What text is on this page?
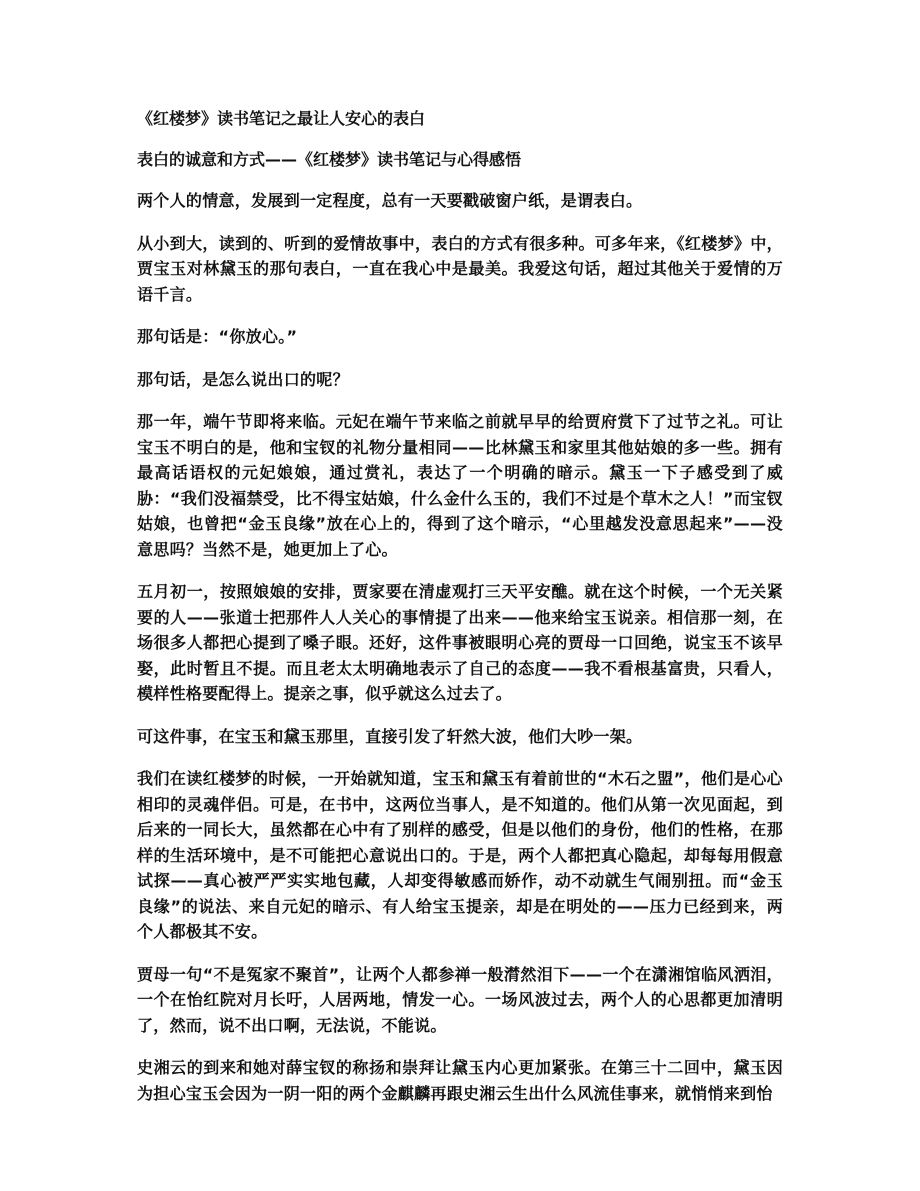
《红楼梦》读书笔记之最让人安心的表白
表白的诚意和方式——《红楼梦》读书笔记与心得感悟
两个人的情意，发展到一定程度，总有一天要戳破窗户纸，是谓表白。
从小到大，读到的、听到的爱情故事中，表白的方式有很多种。可多年来，《红楼梦》中，贾宝玉对林黛玉的那句表白，一直在我心中是最美。我爱这句话，超过其他关于爱情的万语千言。
那句话是：“你放心。”
那句话，是怎么说出口的呢？
那一年，端午节即将来临。元妃在端午节来临之前就早早的给贾府赏下了过节之礼。可让宝玉不明白的是，他和宝钗的礼物分量相同——比林黛玉和家里其他姑娘的多一些。拥有最高话语权的元妃娘娘，通过赏礼，表达了一个明确的暗示。黛玉一下子感受到了威胁：“我们没福禁受，比不得宝姑娘，什么金什么玉的，我们不过是个草木之人！”而宝钗姑娘，也曾把“金玉良缘”放在心上的，得到了这个暗示，“心里越发没意思起来”——没意思吗？当然不是，她更加上了心。
五月初一，按照娘娘的安排，贾家要在清虚观打三天平安醮。就在这个时候，一个无关紧要的人——张道士把那件人人关心的事情提了出来——他来给宝玉说亲。相信那一刻，在场很多人都把心提到了嗓子眼。还好，这件事被眼明心亮的贾母一口回绝，说宝玉不该早娶，此时暂且不提。而且老太太明确地表示了自己的态度——我不看根基富贵，只看人，模样性格要配得上。提亲之事，似乎就这么过去了。
可这件事，在宝玉和黛玉那里，直接引发了轩然大波，他们大吵一架。
我们在读红楼梦的时候，一开始就知道，宝玉和黛玉有着前世的“木石之盟”，他们是心心相印的灵魂伴侣。可是，在书中，这两位当事人，是不知道的。他们从第一次见面起，到后来的一同长大，虽然都在心中有了别样的感受，但是以他们的身份，他们的性格，在那样的生活环境中，是不可能把心意说出口的。于是，两个人都把真心隐起，却每每用假意试探——真心被严严实实地包藏，人却变得敏感而娇作，动不动就生气闹别扭。而“金玉良缘”的说法、来自元妃的暗示、有人给宝玉提亲，却是在明处的——压力已经到来，两个人都极其不安。
贾母一句“不是冤家不聚首”，让两个人都参禅一般潸然泪下——一个在潇湘馆临风洒泪，一个在怡红院对月长吁，人居两地，情发一心。一场风波过去，两个人的心思都更加清明了，然而，说不出口啊，无法说，不能说。
史湘云的到来和她对薛宝钗的称扬和崇拜让黛玉内心更加紧张。在第三十二回中，黛玉因为担心宝玉会因为一阴一阳的两个金麒麟再跟史湘云生出什么风流佳事来，就悄悄来到怡
